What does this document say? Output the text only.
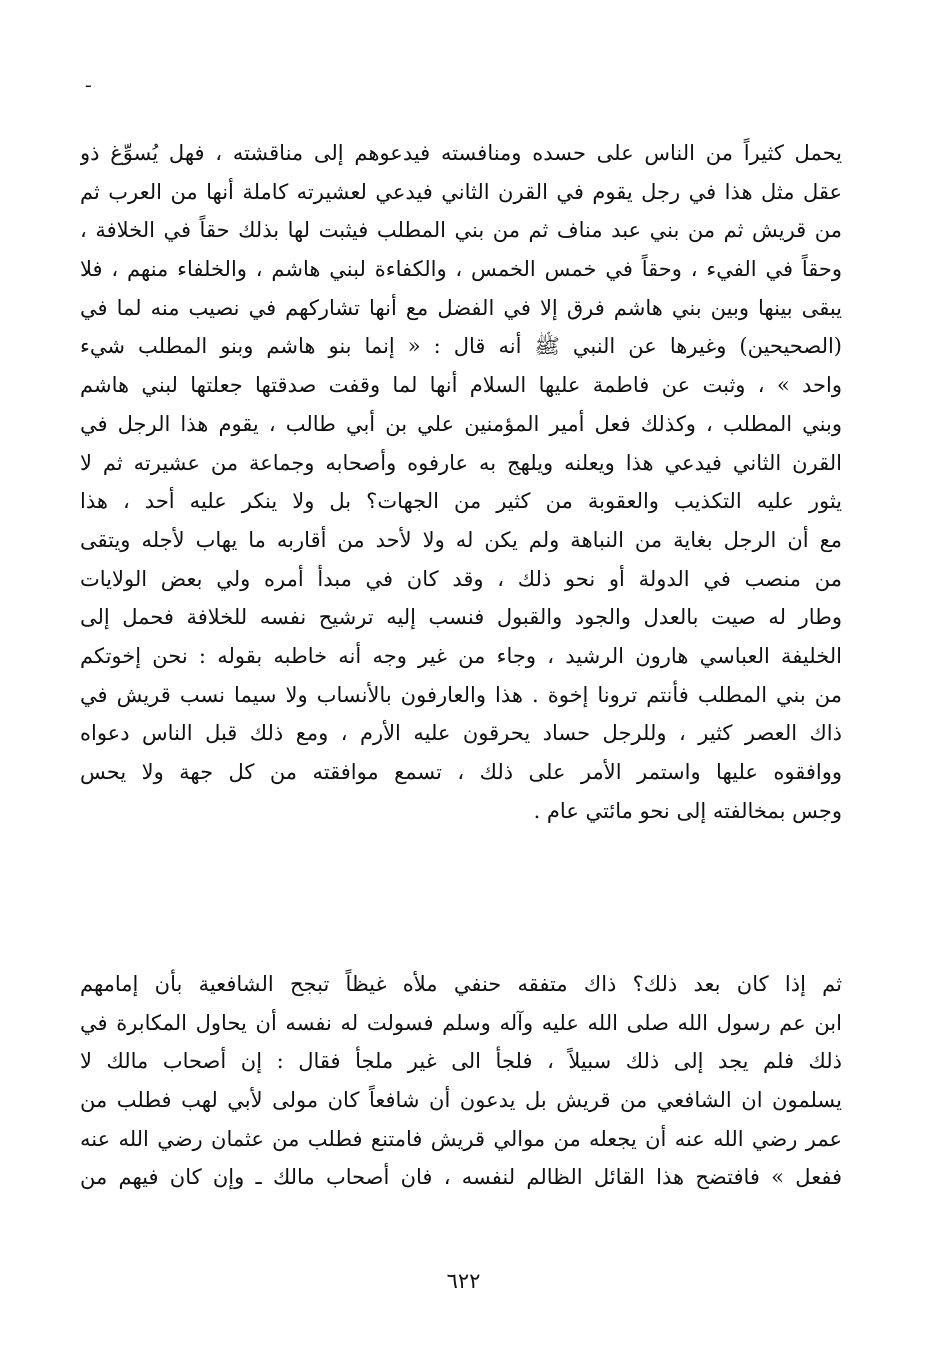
ـ
يحمل كثيراً من الناس على حسده ومنافسته فيدعوهم إلى مناقشته ، فهل يُسوِّغ ذو
عقل مثل هذا في رجل يقوم في القرن الثاني فيدعي لعشيرته كاملة أنها من العرب ثم
من قريش ثم من بني عبد مناف ثم من بني المطلب فيثبت لها بذلك حقاً في الخلافة ،
وحقاً في الفيء ، وحقاً في خمس الخمس ، والكفاءة لبني هاشم ، والخلفاء منهم ، فلا
يبقى بينها وبين بني هاشم فرق إلا في الفضل مع أنها تشاركهم في نصيب منه لما في
(الصحيحين) وغيرها عن النبي ﷺ أنه قال : « إنما بنو هاشم وبنو المطلب شيء
واحد » ، وثبت عن فاطمة عليها السلام أنها لما وقفت صدقتها جعلتها لبني هاشم
وبني المطلب ، وكذلك فعل أمير المؤمنين علي بن أبي طالب ، يقوم هذا الرجل في
القرن الثاني فيدعي هذا ويعلنه ويلهج به عارفوه وأصحابه وجماعة من عشيرته ثم لا
يثور عليه التكذيب والعقوبة من كثير من الجهات؟ بل ولا ينكر عليه أحد ، هذا
مع أن الرجل بغاية من النباهة ولم يكن له ولا لأحد من أقاربه ما يهاب لأجله ويتقى
من منصب في الدولة أو نحو ذلك ، وقد كان في مبدأ أمره ولي بعض الولايات
وطار له صيت بالعدل والجود والقبول فنسب إليه ترشيح نفسه للخلافة فحمل إلى
الخليفة العباسي هارون الرشيد ، وجاء من غير وجه أنه خاطبه بقوله : نحن إخوتكم
من بني المطلب فأنتم ترونا إخوة . هذا والعارفون بالأنساب ولا سيما نسب قريش في
ذاك العصر كثير ، وللرجل حساد يحرقون عليه الأرم ، ومع ذلك قبل الناس دعواه
ووافقوه عليها واستمر الأمر على ذلك ، تسمع موافقته من كل جهة ولا يحس
وجس بمخالفته إلى نحو مائتي عام .
ثم إذا كان بعد ذلك؟ ذاك متفقه حنفي ملأه غيظاً تبجح الشافعية بأن إمامهم
ابن عم رسول الله صلى الله عليه وآله وسلم فسولت له نفسه أن يحاول المكابرة في
ذلك فلم يجد إلى ذلك سبيلاً ، فلجأ الى غير ملجأ فقال : إن أصحاب مالك لا
يسلمون ان الشافعي من قريش بل يدعون أن شافعاً كان مولى لأبي لهب فطلب من
عمر رضي الله عنه أن يجعله من موالي قريش فامتنع فطلب من عثمان رضي الله عنه
ففعل » فافتضح هذا القائل الظالم لنفسه ، فان أصحاب مالك ـ وإن كان فيهم من
٦٢٢
